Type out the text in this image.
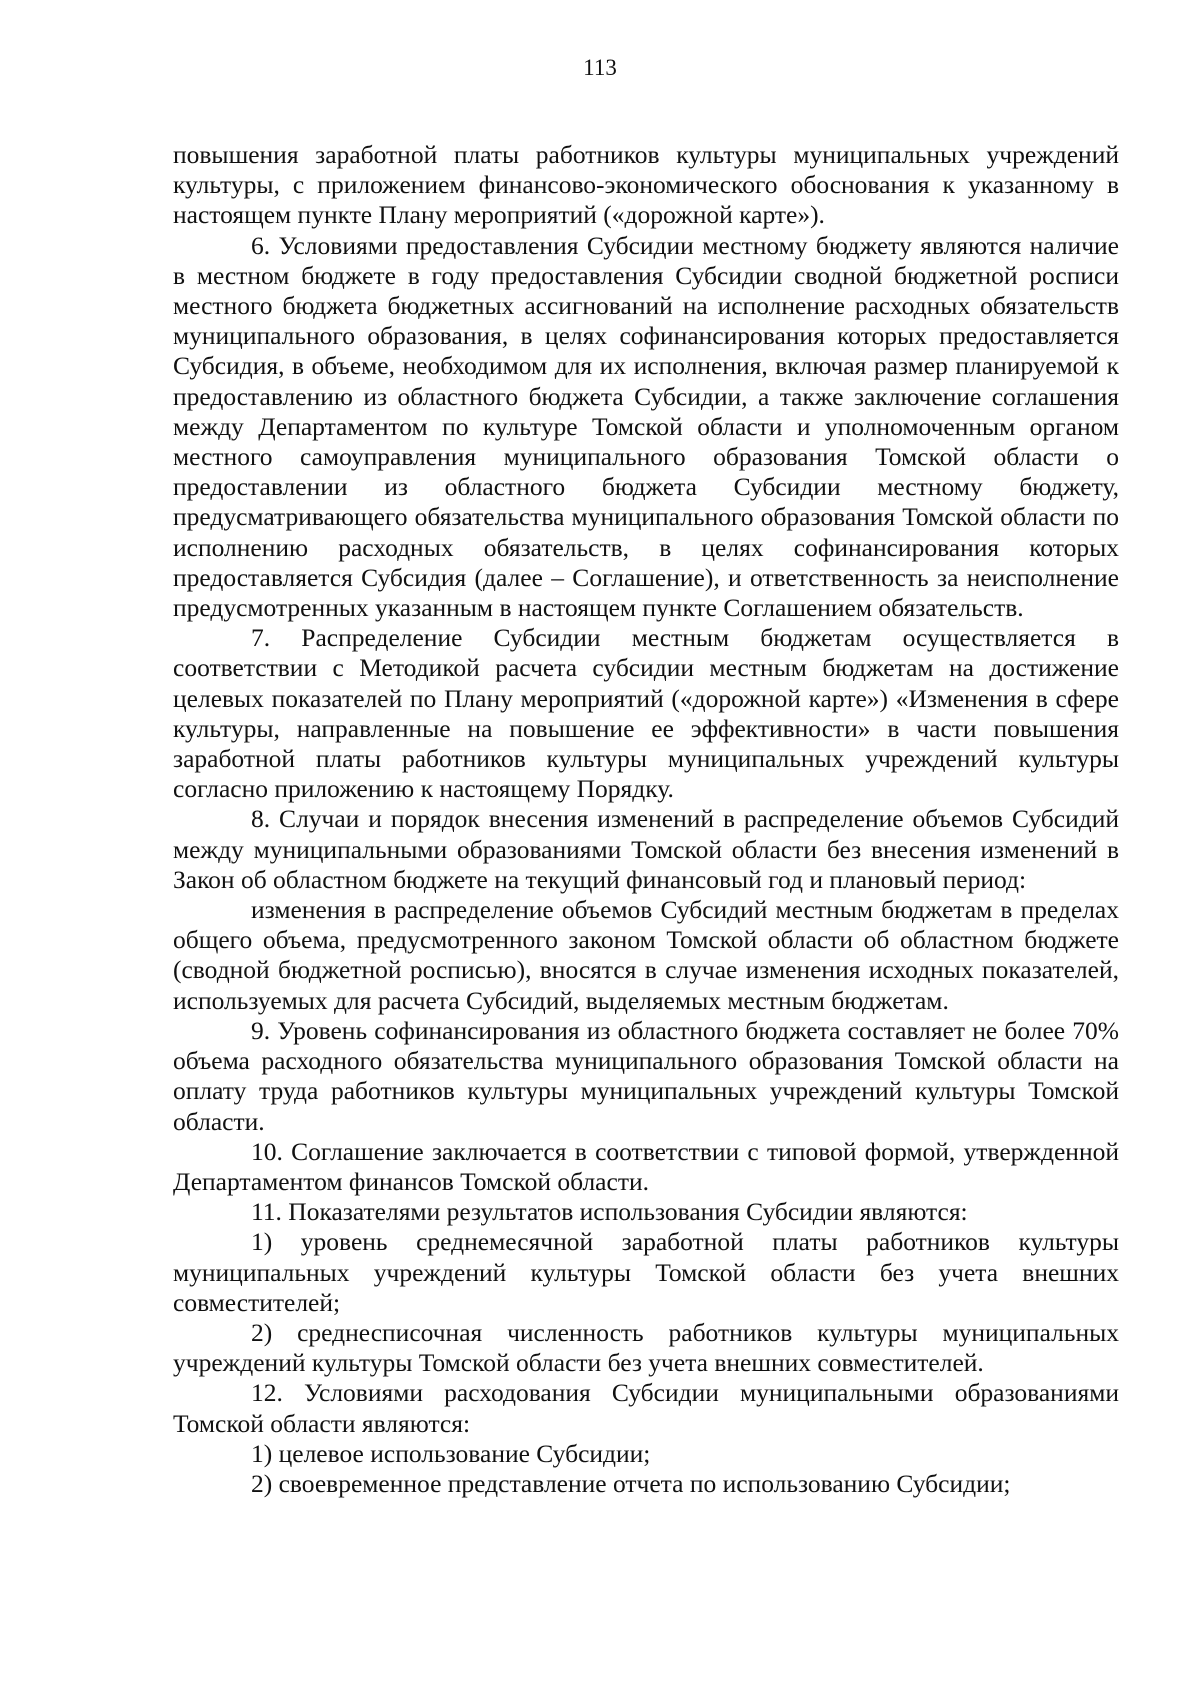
113

повышения заработной платы работников культуры муниципальных учреждений культуры, с приложением финансово-экономического обоснования к указанному в настоящем пункте Плану мероприятий («дорожной карте»).

6. Условиями предоставления Субсидии местному бюджету являются наличие в местном бюджете в году предоставления Субсидии сводной бюджетной росписи местного бюджета бюджетных ассигнований на исполнение расходных обязательств муниципального образования, в целях софинансирования которых предоставляется Субсидия, в объеме, необходимом для их исполнения, включая размер планируемой к предоставлению из областного бюджета Субсидии, а также заключение соглашения между Департаментом по культуре Томской области и уполномоченным органом местного самоуправления муниципального образования Томской области о предоставлении из областного бюджета Субсидии местному бюджету, предусматривающего обязательства муниципального образования Томской области по исполнению расходных обязательств, в целях софинансирования которых предоставляется Субсидия (далее – Соглашение), и ответственность за неисполнение предусмотренных указанным в настоящем пункте Соглашением обязательств.

7. Распределение Субсидии местным бюджетам осуществляется в соответствии с Методикой расчета субсидии местным бюджетам на достижение целевых показателей по Плану мероприятий («дорожной карте») «Изменения в сфере культуры, направленные на повышение ее эффективности» в части повышения заработной платы работников культуры муниципальных учреждений культуры согласно приложению к настоящему Порядку.

8. Случаи и порядок внесения изменений в распределение объемов Субсидий между муниципальными образованиями Томской области без внесения изменений в Закон об областном бюджете на текущий финансовый год и плановый период:

изменения в распределение объемов Субсидий местным бюджетам в пределах общего объема, предусмотренного законом Томской области об областном бюджете (сводной бюджетной росписью), вносятся в случае изменения исходных показателей, используемых для расчета Субсидий, выделяемых местным бюджетам.

9. Уровень софинансирования из областного бюджета составляет не более 70% объема расходного обязательства муниципального образования Томской области на оплату труда работников культуры муниципальных учреждений культуры Томской области.

10. Соглашение заключается в соответствии с типовой формой, утвержденной Департаментом финансов Томской области.

11. Показателями результатов использования Субсидии являются:

1) уровень среднемесячной заработной платы работников культуры муниципальных учреждений культуры Томской области без учета внешних совместителей;

2) среднесписочная численность работников культуры муниципальных учреждений культуры Томской области без учета внешних совместителей.

12. Условиями расходования Субсидии муниципальными образованиями Томской области являются:

1) целевое использование Субсидии;

2) своевременное представление отчета по использованию Субсидии;
